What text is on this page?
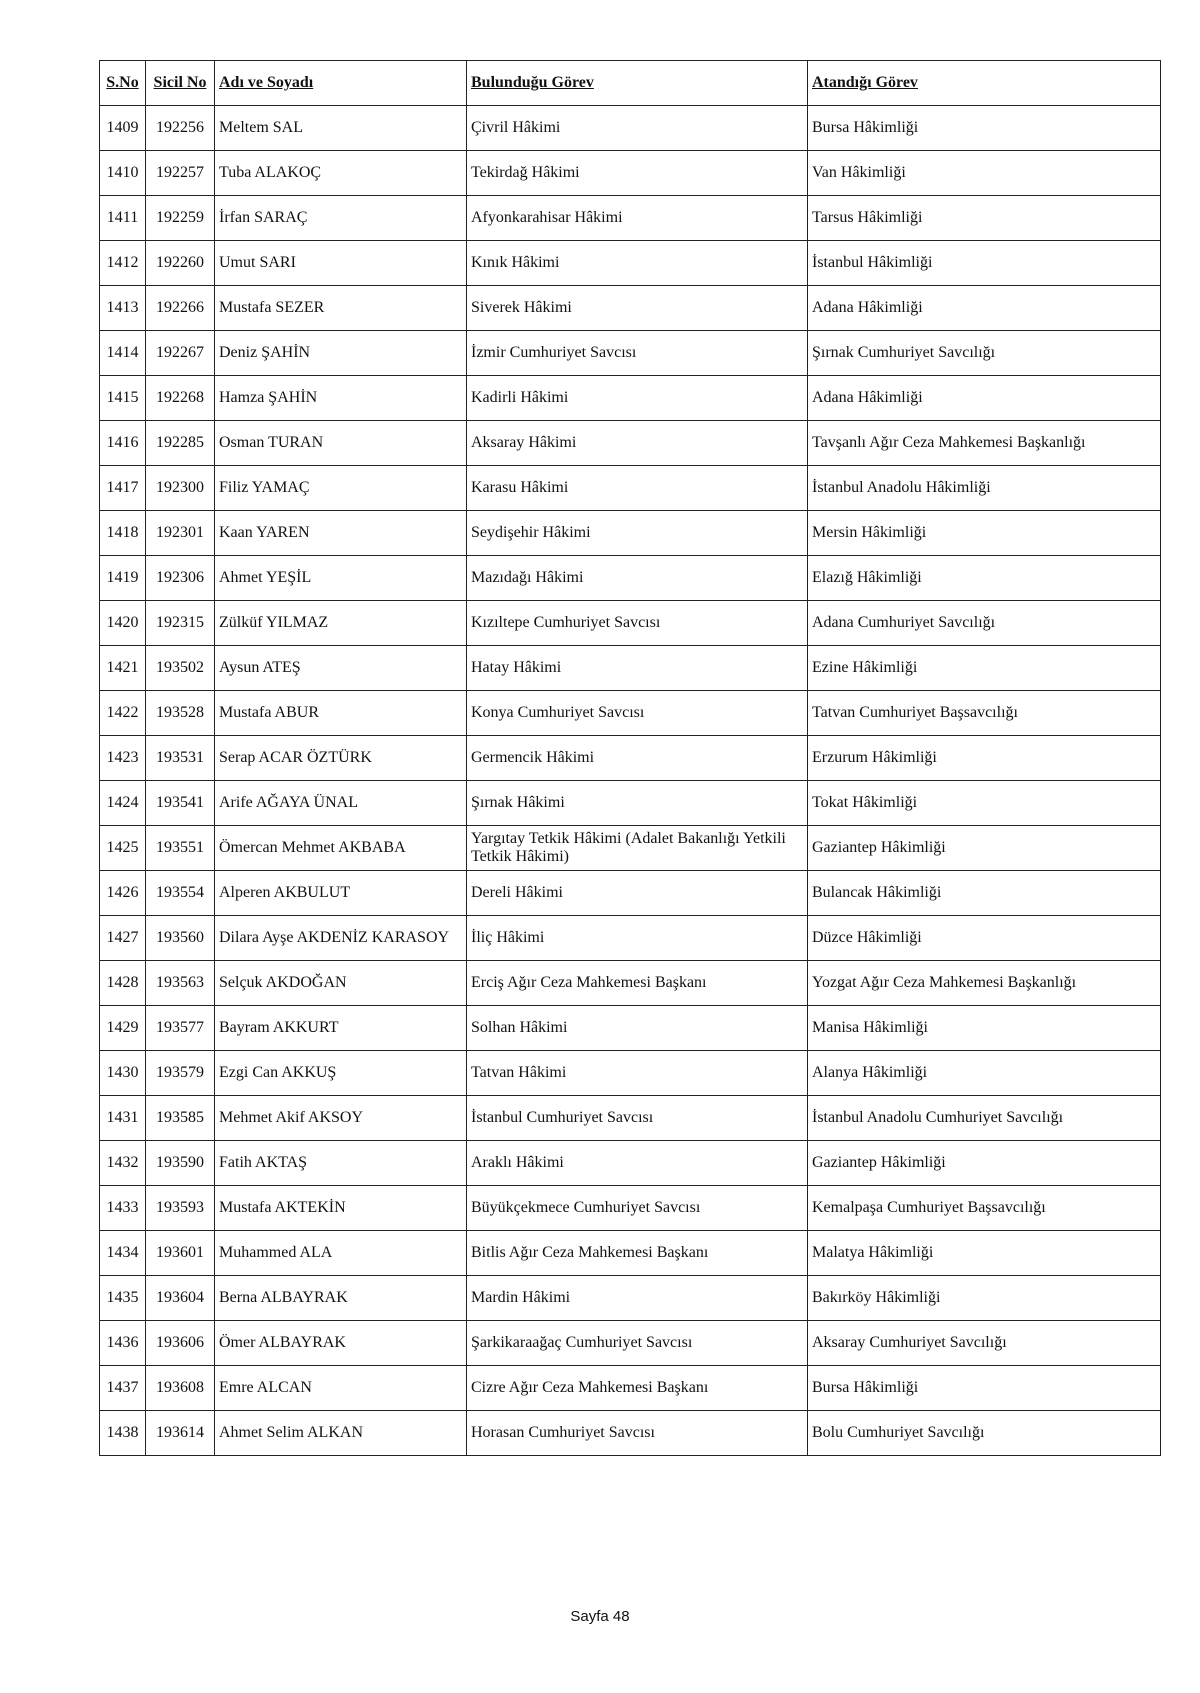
S.No	Sicil No	Adı ve Soyadı	Bulunduğu Görev	Atandığı Görev
1409	192256	Meltem SAL	Çivril Hâkimi	Bursa Hâkimliği
1410	192257	Tuba ALAKOÇ	Tekirdağ Hâkimi	Van Hâkimliği
1411	192259	İrfan SARAÇ	Afyonkarahisar Hâkimi	Tarsus Hâkimliği
1412	192260	Umut SARI	Kınık Hâkimi	İstanbul Hâkimliği
1413	192266	Mustafa SEZER	Siverek Hâkimi	Adana Hâkimliği
1414	192267	Deniz ŞAHİN	İzmir Cumhuriyet Savcısı	Şırnak Cumhuriyet Savcılığı
1415	192268	Hamza ŞAHİN	Kadirli Hâkimi	Adana Hâkimliği
1416	192285	Osman TURAN	Aksaray Hâkimi	Tavşanlı Ağır Ceza Mahkemesi Başkanlığı
1417	192300	Filiz YAMAÇ	Karasu Hâkimi	İstanbul Anadolu Hâkimliği
1418	192301	Kaan YAREN	Seydişehir Hâkimi	Mersin Hâkimliği
1419	192306	Ahmet YEŞİL	Mazıdağı Hâkimi	Elazığ Hâkimliği
1420	192315	Zülküf YILMAZ	Kızıltepe Cumhuriyet Savcısı	Adana Cumhuriyet Savcılığı
1421	193502	Aysun ATEŞ	Hatay Hâkimi	Ezine Hâkimliği
1422	193528	Mustafa ABUR	Konya Cumhuriyet Savcısı	Tatvan Cumhuriyet Başsavcılığı
1423	193531	Serap ACAR ÖZTÜRK	Germencik Hâkimi	Erzurum Hâkimliği
1424	193541	Arife AĞAYA ÜNAL	Şırnak Hâkimi	Tokat Hâkimliği
1425	193551	Ömercan Mehmet AKBABA	Yargıtay Tetkik Hâkimi (Adalet Bakanlığı Yetkili Tetkik Hâkimi)	Gaziantep Hâkimliği
1426	193554	Alperen AKBULUT	Dereli Hâkimi	Bulancak Hâkimliği
1427	193560	Dilara Ayşe AKDENİZ KARASOY	İliç Hâkimi	Düzce Hâkimliği
1428	193563	Selçuk AKDOĞAN	Erciş Ağır Ceza Mahkemesi Başkanı	Yozgat Ağır Ceza Mahkemesi Başkanlığı
1429	193577	Bayram AKKURT	Solhan Hâkimi	Manisa Hâkimliği
1430	193579	Ezgi Can AKKUŞ	Tatvan Hâkimi	Alanya Hâkimliği
1431	193585	Mehmet Akif AKSOY	İstanbul Cumhuriyet Savcısı	İstanbul Anadolu Cumhuriyet Savcılığı
1432	193590	Fatih AKTAŞ	Araklı Hâkimi	Gaziantep Hâkimliği
1433	193593	Mustafa AKTEKİN	Büyükçekmece Cumhuriyet Savcısı	Kemalpaşa Cumhuriyet Başsavcılığı
1434	193601	Muhammed ALA	Bitlis Ağır Ceza Mahkemesi Başkanı	Malatya Hâkimliği
1435	193604	Berna ALBAYRAK	Mardin Hâkimi	Bakırköy Hâkimliği
1436	193606	Ömer ALBAYRAK	Şarkikaraağaç Cumhuriyet Savcısı	Aksaray Cumhuriyet Savcılığı
1437	193608	Emre ALCAN	Cizre Ağır Ceza Mahkemesi Başkanı	Bursa Hâkimliği
1438	193614	Ahmet Selim ALKAN	Horasan Cumhuriyet Savcısı	Bolu Cumhuriyet Savcılığı
Sayfa 48
